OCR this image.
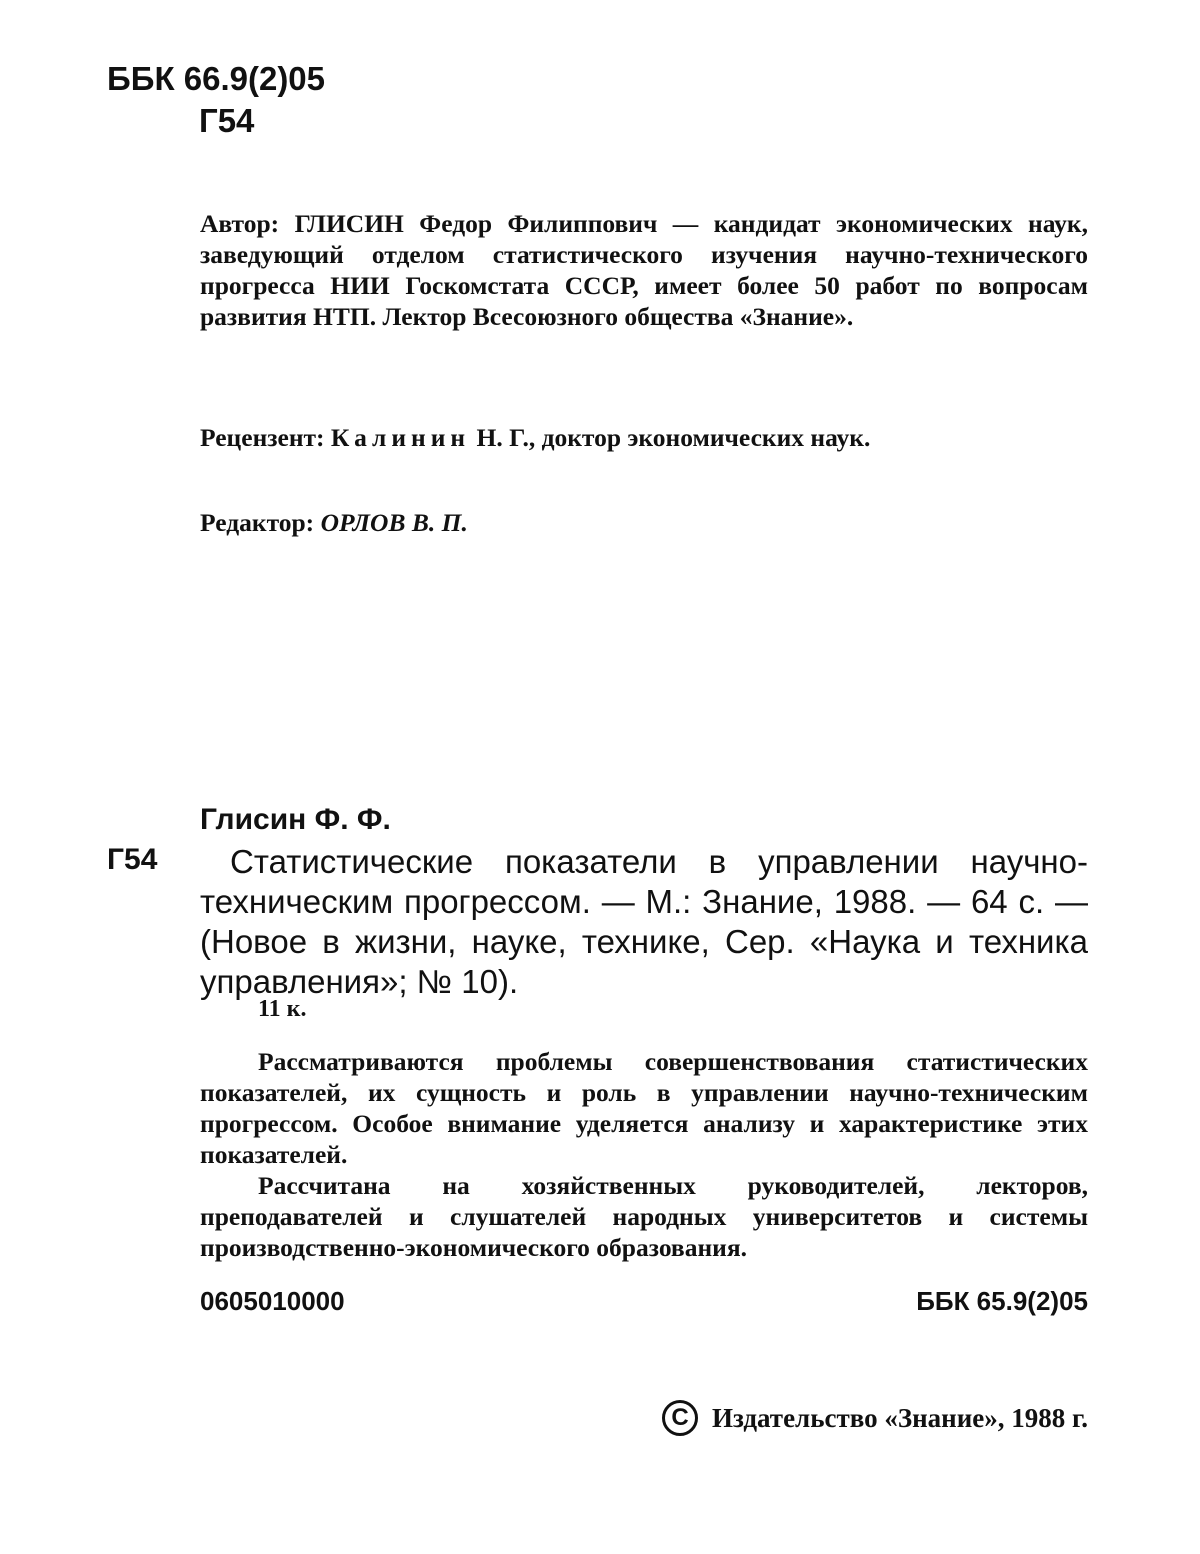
ББК 66.9(2)05
Г54
Автор: ГЛИСИН Федор Филиппович — кандидат экономических наук, заведующий отделом статистического изучения научно-технического прогресса НИИ Госкомстата СССР, имеет более 50 работ по вопросам развития НТП. Лектор Всесоюзного общества «Знание».
Рецензент: Калинин Н. Г., доктор экономических наук.
Редактор: ОРЛОВ В. П.
Глисин Ф. Ф.
Г54	Статистические показатели в управлении научно-техническим прогрессом. — М.: Знание, 1988. — 64 с. — (Новое в жизни, науке, технике, Сер. «Наука и техника управления»; № 10).
11 к.

Рассматриваются проблемы совершенствования статистических показателей, их сущность и роль в управлении научно-техническим прогрессом. Особое внимание уделяется анализу и характеристике этих показателей.

Рассчитана на хозяйственных руководителей, лекторов, преподавателей и слушателей народных университетов и системы производственно-экономического образования.

0605010000	ББК 65.9(2)05
C Издательство «Знание», 1988 г.
